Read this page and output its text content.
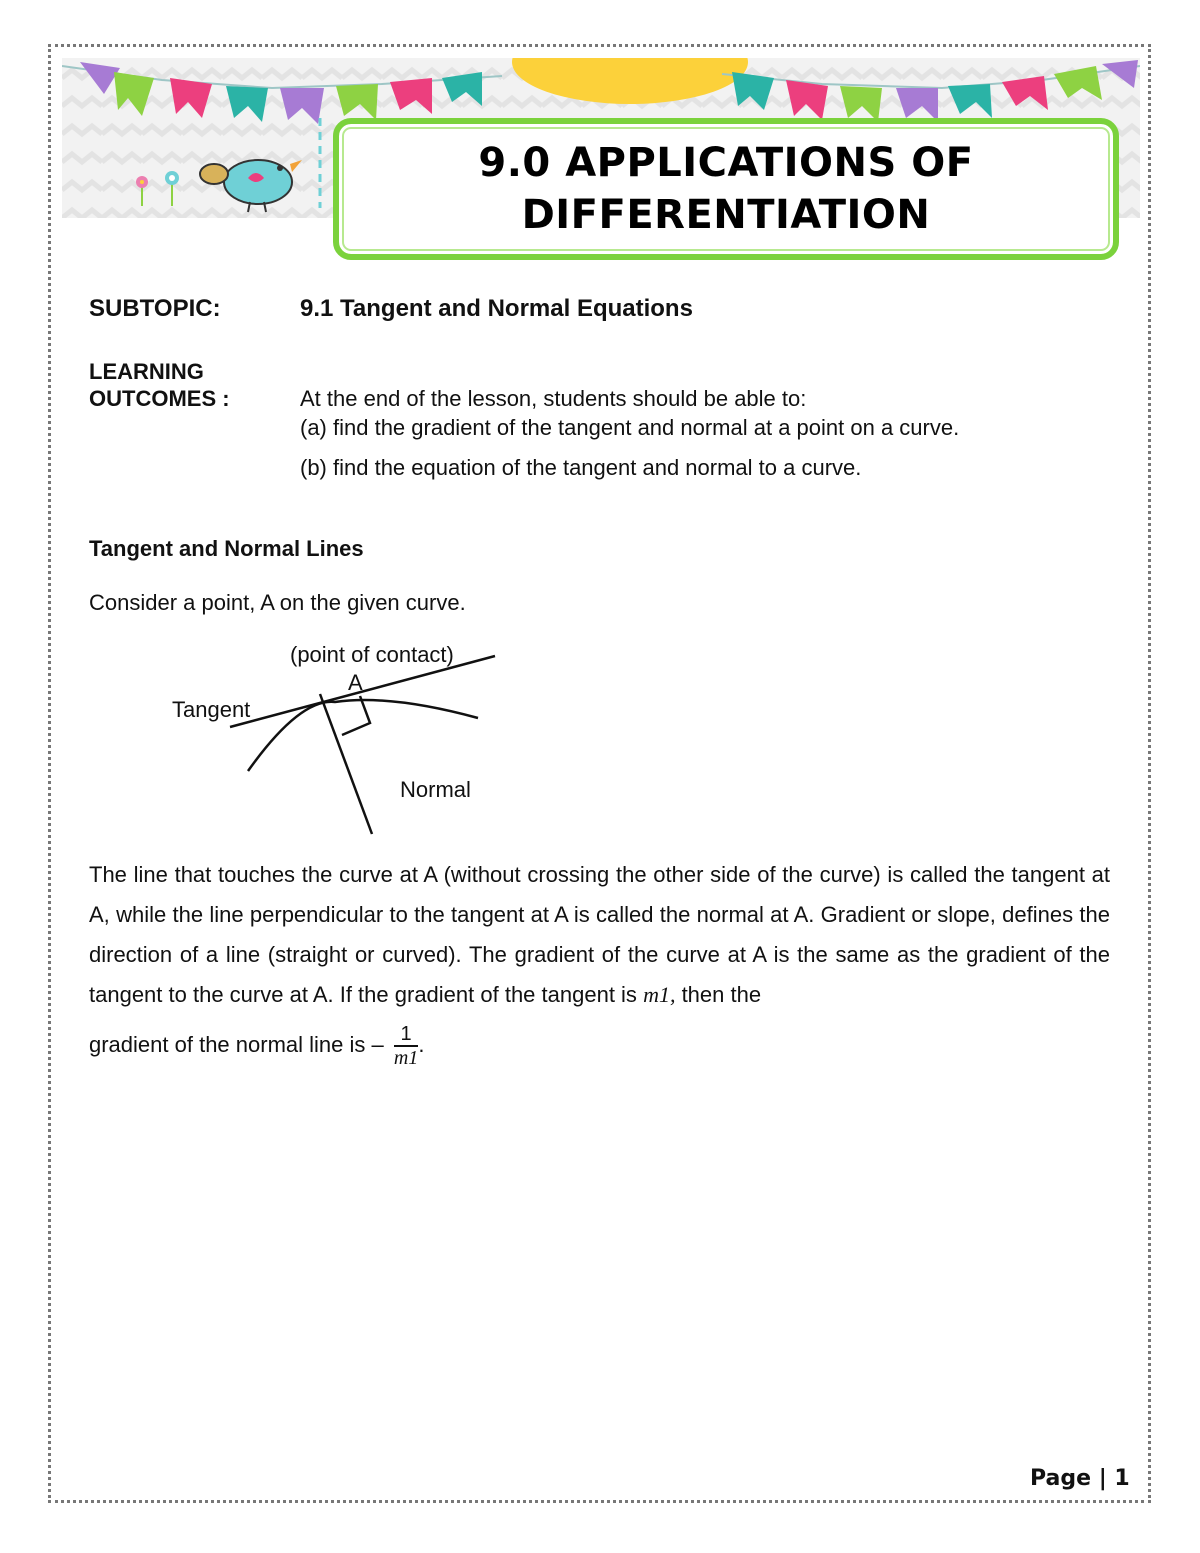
9.0 APPLICATIONS OF
DIFFERENTIATION
SUBTOPIC:	9.1 Tangent and Normal Equations
LEARNING
OUTCOMES :	At the end of the lesson, students should be able to:
(a) find the gradient of the tangent and normal at a point on a curve.
(b) find the equation of the tangent and normal to a curve.
Tangent and Normal Lines
Consider a point, A on the given curve.
(point of contact)
A
Tangent
Normal

The line that touches the curve at A (without crossing the other side of the curve) is called the tangent at A, while the line perpendicular to the tangent at A is called the normal at A. Gradient or slope, defines the direction of a line (straight or curved). The gradient of the curve at A is the same as the gradient of the tangent to the curve at A. If the gradient of the tangent is m1, then the

gradient of the normal line is – $\frac{1}{m1}$ .

Page | 1
